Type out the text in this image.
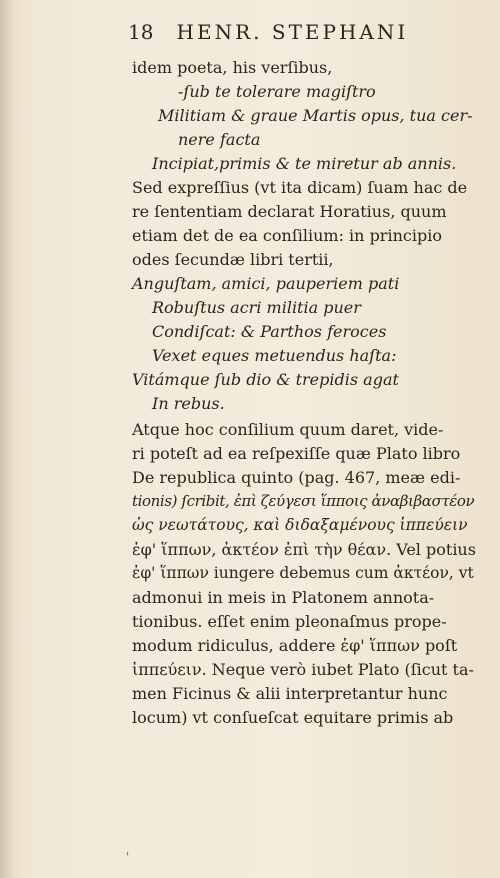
18 HENR. STEPHANI
idem poeta, his verſibus,
-ſub te tolerare magiſtro
Militiam & graue Martis opus, tua cer-
nere facta
Incipiat,primis & te miretur ab annis.
Sed expreſſius (vt ita dicam) ſuam hac de
re ſententiam declarat Horatius, quum
etiam det de ea conſilium: in principio
odes ſecundæ libri tertii,
Anguſtam, amici, pauperiem pati
Robuſtus acri militia puer
Condiſcat: & Parthos feroces
Vexet eques metuendus haſta:
Vitámque ſub dio & trepidis agat
In rebus.
Atque hoc conſilium quum daret, vide-
ri poteſt ad ea reſpexiſſe quæ Plato libro
De republica quinto (pag. 467, meæ edi-
tionis) ſcribit, ἐπὶ ζεύγεσι ἵπποις ἀναβιβαστέον
ὡς νεωτάτους, καὶ διδαξαμένους ἱππεύειν
ἐφ' ἵππων, ἀκτέον ἐπὶ τὴν θέαν. Vel potius
ἐφ' ἵππων iungere debemus cum ἀκτέον, vt
admonui in meis in Platonem annota-
tionibus. eſſet enim pleonaſmus prope-
modum ridiculus, addere ἐφ' ἵππων poſt
ἱππεύειν. Neque verò iubet Plato (ſicut ta-
men Ficinus & alii interpretantur hunc
locum) vt conſueſcat equitare primis ab
'
